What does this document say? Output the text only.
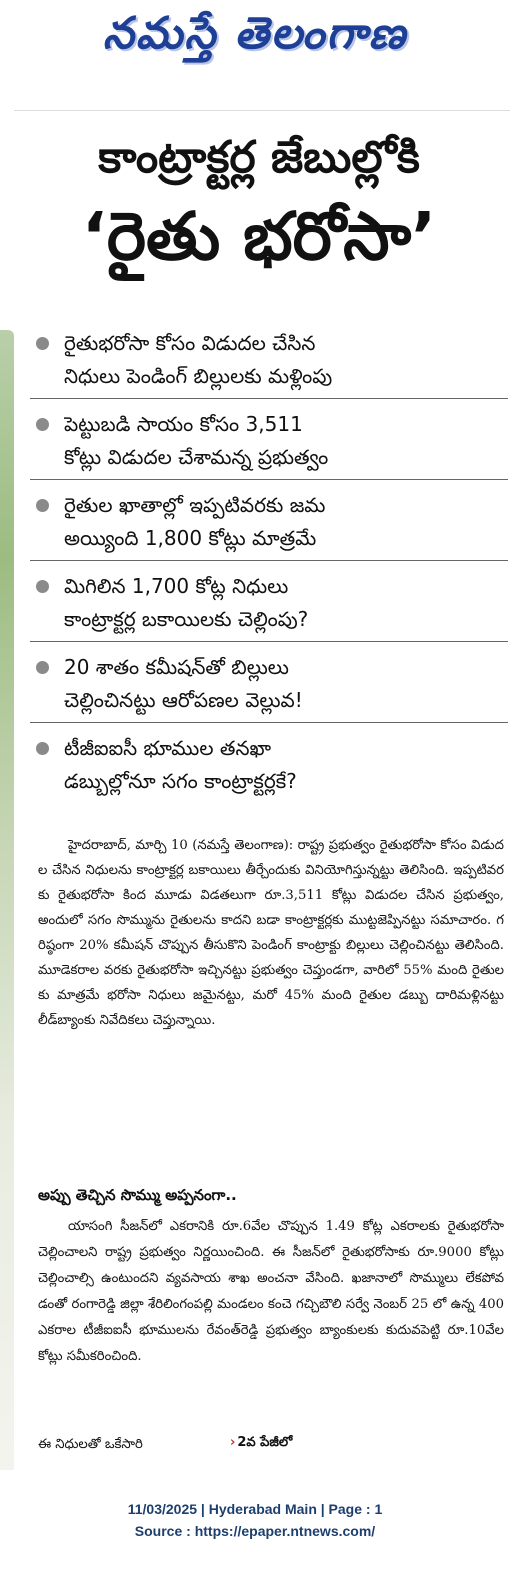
నమస్తే తెలంగాణ
కాంట్రాక్టర్ల జేబుల్లోకి
‘రైతు భరోసా’
రైతుభరోసా కోసం విడుదల చేసిన
నిధులు పెండింగ్ బిల్లులకు మళ్లింపు
పెట్టుబడి సాయం కోసం 3,511
కోట్లు విడుదల చేశామన్న ప్రభుత్వం
రైతుల ఖాతాల్లో ఇప్పటివరకు జమ
అయ్యింది 1,800 కోట్లు మాత్రమే
మిగిలిన 1,700 కోట్ల నిధులు
కాంట్రాక్టర్ల బకాయిలకు చెల్లింపు?
20 శాతం కమీషన్‌తో బిల్లులు
చెల్లించినట్టు ఆరోపణల వెల్లువ!
టీజీఐఐసీ భూముల తనఖా
డబ్బుల్లోనూ సగం కాంట్రాక్టర్లకే?
హైదరాబాద్, మార్చి 10 (నమస్తే తెలంగాణ): రాష్ట్ర ప్రభుత్వం రైతుభరోసా కోసం విడుదల చేసిన నిధులను కాంట్రాక్టర్ల బకాయిలు తీర్చేందుకు వినియోగిస్తున్నట్టు తెలిసింది. ఇప్పటివరకు రైతుభరోసా కింద మూడు విడతలుగా రూ.3,511 కోట్లు విడుదల చేసిన ప్రభుత్వం, అందులో సగం సొమ్మును రైతులను కాదని బడా కాంట్రాక్టర్లకు ముట్టజెప్పినట్టు సమాచారం. గరిష్ఠంగా 20% కమీషన్ చొప్పున తీసుకొని పెండింగ్ కాంట్రాక్టు బిల్లులు చెల్లించినట్టు తెలిసింది. మూడెకరాల వరకు రైతుభరోసా ఇచ్చినట్టు ప్రభుత్వం చెప్తుండగా, వారిలో 55% మంది రైతులకు మాత్రమే భరోసా నిధులు జమైనట్టు, మరో 45% మంది రైతుల డబ్బు దారిమళ్లినట్టు లీడ్‌బ్యాంకు నివేదికలు చెప్తున్నాయి.
అప్పు తెచ్చిన సొమ్ము అప్పనంగా..
యాసంగి సీజన్‌లో ఎకరానికి రూ.6వేల చొప్పున 1.49 కోట్ల ఎకరాలకు రైతుభరోసా చెల్లించాలని రాష్ట్ర ప్రభుత్వం నిర్ణయించింది. ఈ సీజన్‌లో రైతుభరోసాకు రూ.9000 కోట్లు చెల్లించాల్సి ఉంటుందని వ్యవసాయ శాఖ అంచనా వేసింది. ఖజానాలో సొమ్ములు లేకపోవడంతో రంగారెడ్డి జిల్లా శేరిలింగంపల్లి మండలం కంచె గచ్చిబౌలి సర్వే నెంబర్ 25 లో ఉన్న 400 ఎకరాల టీజీఐఐసీ భూములను రేవంత్‌రెడ్డి ప్రభుత్వం బ్యాంకులకు కుదువపెట్టి రూ.10వేల కోట్లు సమీకరించింది.
ఈ నిధులతో ఒకేసారి	› 2వ పేజీలో
11/03/2025 | Hyderabad Main | Page : 1
Source : https://epaper.ntnews.com/
